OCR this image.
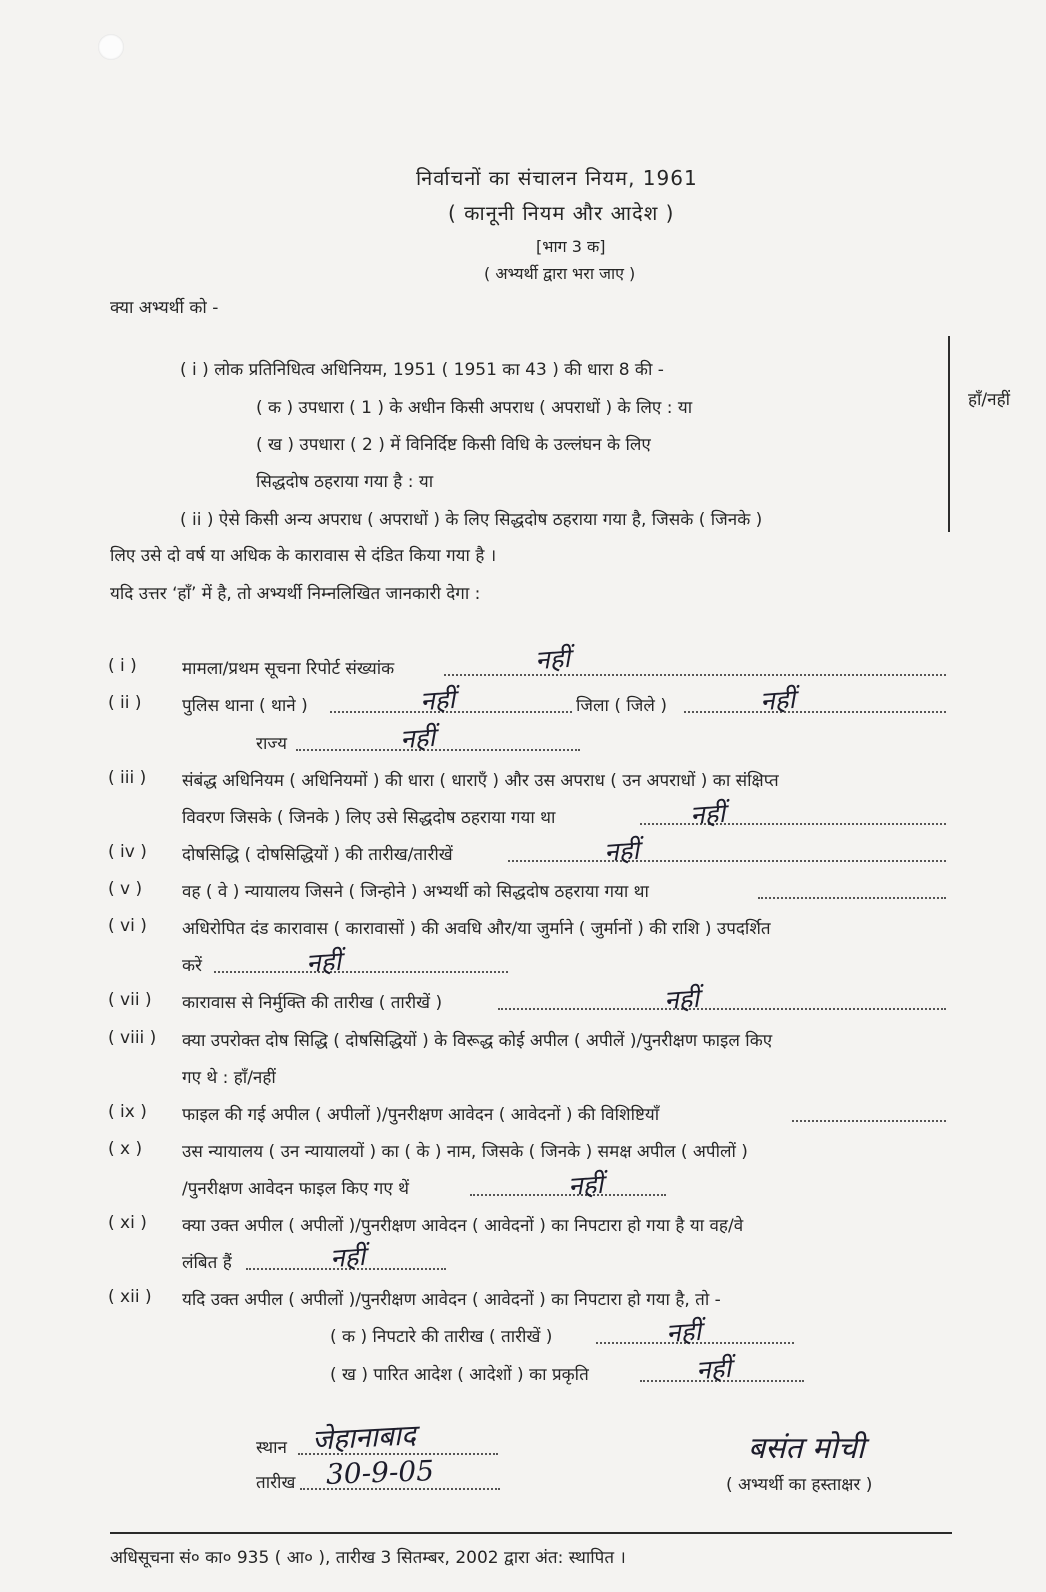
निर्वाचनों का संचालन नियम, 1961
( कानूनी नियम और आदेश )
[भाग 3 क]
( अभ्यर्थी द्वारा भरा जाए )
क्या अभ्यर्थी को -
हाँ/नहीं
( i ) लोक प्रतिनिधित्व अधिनियम, 1951 ( 1951 का 43 ) की धारा 8 की -
( क ) उपधारा ( 1 ) के अधीन किसी अपराध ( अपराधों ) के लिए : या
( ख ) उपधारा ( 2 ) में विनिर्दिष्ट किसी विधि के उल्लंघन के लिए
सिद्धदोष ठहराया गया है : या
( ii ) ऐसे किसी अन्य अपराध ( अपराधों ) के लिए सिद्धदोष ठहराया गया है, जिसके ( जिनके )
लिए उसे दो वर्ष या अधिक के कारावास से दंडित किया गया है ।
यदि उत्तर ‘हाँ’ में है, तो अभ्यर्थी निम्नलिखित जानकारी देगा :
( i )	मामला/प्रथम सूचना रिपोर्ट संख्यांक	नहीं
( ii ) पुलिस थाना ( थाने )	नहीं	जिला ( जिले )	नहीं
राज्य	नहीं
( iii ) संबंद्ध अधिनियम ( अधिनियमों ) की धारा ( धाराएँ ) और उस अपराध ( उन अपराधों ) का संक्षिप्त
विवरण जिसके ( जिनके ) लिए उसे सिद्धदोष ठहराया गया था	नहीं
( iv ) दोषसिद्धि ( दोषसिद्धियों ) की तारीख/तारीखें	नहीं
( v ) वह ( वे ) न्यायालय जिसने ( जिन्होने ) अभ्यर्थी को सिद्धदोष ठहराया गया था
( vi ) अधिरोपित दंड कारावास ( कारावासों ) की अवधि और/या जुर्माने ( जुर्मानों ) की राशि ) उपदर्शित
करें	नहीं
( vii ) कारावास से निर्मुक्ति की तारीख ( तारीखें )	नहीं
( viii ) क्या उपरोक्त दोष सिद्धि ( दोषसिद्धियों ) के विरूद्ध कोई अपील ( अपीलें )/पुनरीक्षण फाइल किए
गए थे : हाँ/नहीं
( ix ) फाइल की गई अपील ( अपीलों )/पुनरीक्षण आवेदन ( आवेदनों ) की विशिष्टियाँ
( x ) उस न्यायालय ( उन न्यायालयों ) का ( के ) नाम, जिसके ( जिनके ) समक्ष अपील ( अपीलों )
/पुनरीक्षण आवेदन फाइल किए गए थें	नहीं
( xi ) क्या उक्त अपील ( अपीलों )/पुनरीक्षण आवेदन ( आवेदनों ) का निपटारा हो गया है या वह/वे
लंबित हैं	नहीं
( xii ) यदि उक्त अपील ( अपीलों )/पुनरीक्षण आवेदन ( आवेदनों ) का निपटारा हो गया है, तो -
( क ) निपटारे की तारीख ( तारीखें )	नहीं
( ख ) पारित आदेश ( आदेशों ) का प्रकृति	नहीं
स्थान जेहानाबाद
तारीख 30-9-05
बसंत मोची
( अभ्यर्थी का हस्ताक्षर )
अधिसूचना सं० का० 935 ( आ० ), तारीख 3 सितम्बर, 2002 द्वारा अंत: स्थापित ।
